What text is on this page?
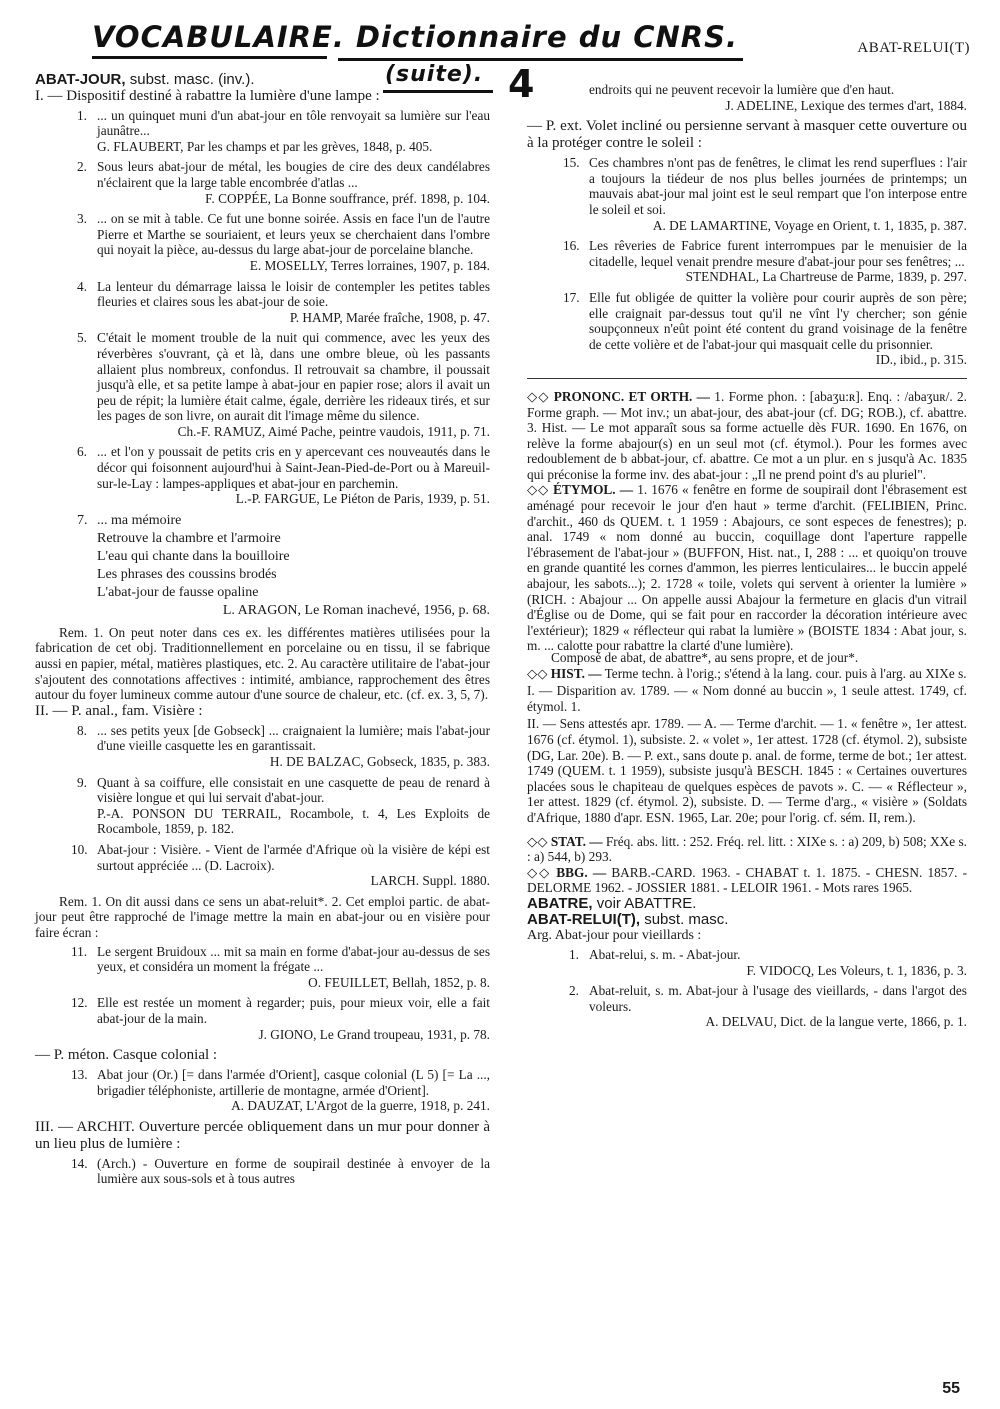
VOCABULAIRE. Dictionnaire du CNRS.
(suite). 4
ABAT-RELUI(T)

ABAT-JOUR, subst. masc. (inv.).

I. — Dispositif destiné à rabattre la lumière d'une lampe :

1. ... un quinquet muni d'un abat-jour en tôle renvoyait sa lumière sur l'eau jaunâtre...

G. FLAUBERT, Par les champs et par les grèves, 1848, p. 405.

2. Sous leurs abat-jour de métal, les bougies de cire des deux candélabres n'éclairent que la large table encombrée d'atlas ...

F. COPPÉE, La Bonne souffrance, préf. 1898, p. 104.

3. ... on se mit à table. Ce fut une bonne soirée. Assis en face l'un de l'autre Pierre et Marthe se souriaient, et leurs yeux se cherchaient dans l'ombre qui noyait la pièce, au-dessus du large abat-jour de porcelaine blanche.

E. MOSELLY, Terres lorraines, 1907, p. 184.

4. La lenteur du démarrage laissa le loisir de contempler les petites tables fleuries et claires sous les abat-jour de soie.

P. HAMP, Marée fraîche, 1908, p. 47.

5. C'était le moment trouble de la nuit qui commence, avec les yeux des réverbères s'ouvrant, çà et là, dans une ombre bleue, où les passants allaient plus nombreux, confondus. Il retrouvait sa chambre, il poussait jusqu'à elle, et sa petite lampe à abat-jour en papier rose; alors il avait un peu de répit; la lumière était calme, égale, derrière les rideaux tirés, et sur les pages de son livre, on aurait dit l'image même du silence.

Ch.-F. RAMUZ, Aimé Pache, peintre vaudois, 1911, p. 71.

6. ... et l'on y poussait de petits cris en y apercevant ces nouveautés dans le décor qui foisonnent aujourd'hui à Saint-Jean-Pied-de-Port ou à Mareuil-sur-le-Lay : lampes-appliques et abat-jour en parchemin.

L.-P. FARGUE, Le Piéton de Paris, 1939, p. 51.

7. ... ma mémoire

Retrouve la chambre et l'armoire

L'eau qui chante dans la bouilloire

Les phrases des coussins brodés

L'abat-jour de fausse opaline

L. ARAGON, Le Roman inachevé, 1956, p. 68.

Rem. 1. On peut noter dans ces ex. les différentes matières utilisées pour la fabrication de cet obj. Traditionnellement en porcelaine ou en tissu, il se fabrique aussi en papier, métal, matières plastiques, etc. 2. Au caractère utilitaire de l'abat-jour s'ajoutent des connotations affectives : intimité, ambiance, rapprochement des êtres autour du foyer lumineux comme autour d'une source de chaleur, etc. (cf. ex. 3, 5, 7).

II. — P. anal., fam. Visière :

8. ... ses petits yeux [de Gobseck] ... craignaient la lumière; mais l'abat-jour d'une vieille casquette les en garantissait.

H. DE BALZAC, Gobseck, 1835, p. 383.

9. Quant à sa coiffure, elle consistait en une casquette de peau de renard à visière longue et qui lui servait d'abat-jour.

P.-A. PONSON DU TERRAIL, Rocambole, t. 4, Les Exploits de Rocambole, 1859, p. 182.

10. Abat-jour : Visière. - Vient de l'armée d'Afrique où la visière de képi est surtout appréciée ... (D. Lacroix).

LARCH. Suppl. 1880.

Rem. 1. On dit aussi dans ce sens un abat-reluit*. 2. Cet emploi partic. de abat-jour peut être rapproché de l'image mettre la main en abat-jour ou en visière pour faire écran :

11. Le sergent Bruidoux ... mit sa main en forme d'abat-jour au-dessus de ses yeux, et considéra un moment la frégate ...

O. FEUILLET, Bellah, 1852, p. 8.

12. Elle est restée un moment à regarder; puis, pour mieux voir, elle a fait abat-jour de la main.

J. GIONO, Le Grand troupeau, 1931, p. 78.

— P. méton. Casque colonial :

13. Abat jour (Or.) [= dans l'armée d'Orient], casque colonial (L 5) [= La ..., brigadier téléphoniste, artillerie de montagne, armée d'Orient].

A. DAUZAT, L'Argot de la guerre, 1918, p. 241.

III. — ARCHIT. Ouverture percée obliquement dans un mur pour donner à un lieu plus de lumière :

14. (Arch.) - Ouverture en forme de soupirail destinée à envoyer de la lumière aux sous-sols et à tous autres

endroits qui ne peuvent recevoir la lumière que d'en haut.

J. ADELINE, Lexique des termes d'art, 1884.

— P. ext. Volet incliné ou persienne servant à masquer cette ouverture ou à la protéger contre le soleil :

15. Ces chambres n'ont pas de fenêtres, le climat les rend superflues : l'air a toujours la tiédeur de nos plus belles journées de printemps; un mauvais abat-jour mal joint est le seul rempart que l'on interpose entre le soleil et soi.

A. DE LAMARTINE, Voyage en Orient, t. 1, 1835, p. 387.

16. Les rêveries de Fabrice furent interrompues par le menuisier de la citadelle, lequel venait prendre mesure d'abat-jour pour ses fenêtres; ...

STENDHAL, La Chartreuse de Parme, 1839, p. 297.

17. Elle fut obligée de quitter la volière pour courir auprès de son père; elle craignait par-dessus tout qu'il ne vînt l'y chercher; son génie soupçonneux n'eût point été content du grand voisinage de la fenêtre de cette volière et de l'abat-jour qui masquait celle du prisonnier.

ID., ibid., p. 315.

◇◇ PRONONC. ET ORTH. — 1. Forme phon. : [abaʒu:ʀ]. Enq. : /abaʒuʀ/. 2. Forme graph. — Mot inv.; un abat-jour, des abat-jour (cf. DG; ROB.), cf. abattre. 3. Hist. — Le mot apparaît sous sa forme actuelle dès FUR. 1690. En 1676, on relève la forme abajour(s) en un seul mot (cf. étymol.). Pour les formes avec redoublement de b abbat-jour, cf. abattre. Ce mot a un plur. en s jusqu'à Ac. 1835 qui préconise la forme inv. des abat-jour : „Il ne prend point d's au pluriel".

◇◇ ÉTYMOL. — 1. 1676 « fenêtre en forme de soupirail dont l'ébrasement est aménagé pour recevoir le jour d'en haut » terme d'archit. (FELIBIEN, Princ. d'archit., 460 ds QUEM. t. 1 1959 : Abajours, ce sont especes de fenestres); p. anal. 1749 « nom donné au buccin, coquillage dont l'aperture rappelle l'ébrasement de l'abat-jour » (BUFFON, Hist. nat., I, 288 : ... et quoiqu'on trouve en grande quantité les cornes d'ammon, les pierres lenticulaires... le buccin appelé abajour, les sabots...); 2. 1728 « toile, volets qui servent à orienter la lumière » (RICH. : Abajour ... On appelle aussi Abajour la fermeture en glacis d'un vitrail d'Église ou de Dome, qui se fait pour en raccorder la décoration intérieure avec l'extérieur); 1829 « réflecteur qui rabat la lumière » (BOISTE 1834 : Abat jour, s. m. ... calotte pour rabattre la clarté d'une lumière).

Composé de abat, de abattre*, au sens propre, et de jour*.

◇◇ HIST. — Terme techn. à l'orig.; s'étend à la lang. cour. puis à l'arg. au XIXe s.

I. — Disparition av. 1789. — « Nom donné au buccin », 1 seule attest. 1749, cf. étymol. 1.

II. — Sens attestés apr. 1789. — A. — Terme d'archit. — 1. « fenêtre », 1er attest. 1676 (cf. étymol. 1), subsiste. 2. « volet », 1er attest. 1728 (cf. étymol. 2), subsiste (DG, Lar. 20e). B. — P. ext., sans doute p. anal. de forme, terme de bot.; 1er attest. 1749 (QUEM. t. 1 1959), subsiste jusqu'à BESCH. 1845 : « Certaines ouvertures placées sous le chapiteau de quelques espèces de pavots ». C. — « Réflecteur », 1er attest. 1829 (cf. étymol. 2), subsiste. D. — Terme d'arg., « visière » (Soldats d'Afrique, 1880 d'apr. ESN. 1965, Lar. 20e; pour l'orig. cf. sém. II, rem.).

◇◇ STAT. — Fréq. abs. litt. : 252. Fréq. rel. litt. : XIXe s. : a) 209, b) 508; XXe s. : a) 544, b) 293.

◇◇ BBG. — BARB.-CARD. 1963. - CHABAT t. 1. 1875. - CHESN. 1857. - DELORME 1962. - JOSSIER 1881. - LELOIR 1961. - Mots rares 1965.

ABATRE, voir ABATTRE.

ABAT-RELUI(T), subst. masc.

Arg. Abat-jour pour vieillards :

1. Abat-relui, s. m. - Abat-jour.

F. VIDOCQ, Les Voleurs, t. 1, 1836, p. 3.

2. Abat-reluit, s. m. Abat-jour à l'usage des vieillards, - dans l'argot des voleurs.

A. DELVAU, Dict. de la langue verte, 1866, p. 1.

55
